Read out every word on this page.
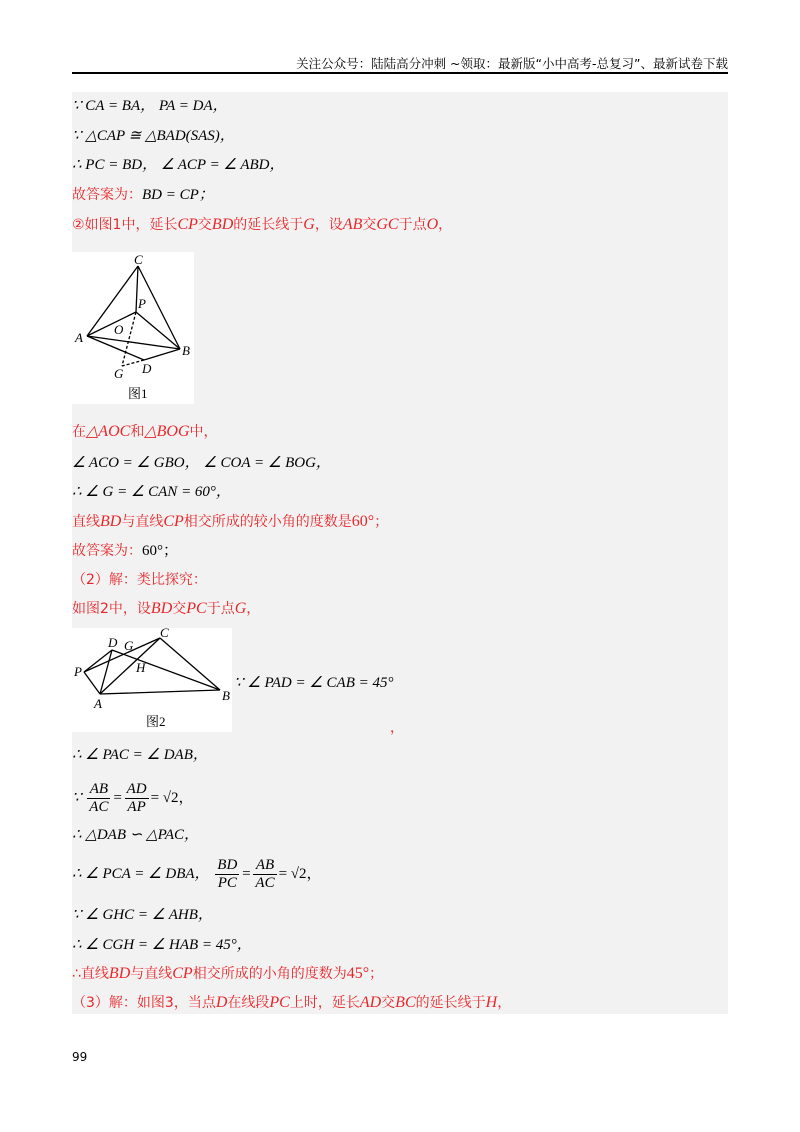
关注公众号：陆陆高分冲刺 ~领取：最新版“小中高考-总复习”、最新试卷下载
∵ CA = BA， PA = DA，
∵ △CAP ≅ △BAD(SAS)，
∴ PC = BD， ∠ ACP = ∠ ABD，
故答案为：BD = CP；
②如图1中，延长CP交BD的延长线于G，设AB交GC于点O，
C
P
O
A
B
G D
图1
在△AOC和△BOG中，
∠ ACO = ∠ GBO， ∠ COA = ∠ BOG，
∴ ∠ G = ∠ CAN = 60°，
直线BD与直线CP相交所成的较小角的度数是60°；
故答案为：60°；
（2）解：类比探究：
如图2中，设BD交PC于点G，
D G
C
P	H
A
B
图2
∵ ∠ PAD = ∠ CAB = 45°
，
∴ ∠ PAC = ∠ DAB，
∵ $\frac{AB}{AC} = \frac{AD}{AP} = √2$，
∴ △DAB ∽ △PAC，
∴ ∠ PCA = ∠ DBA， $\frac{BD}{PC} = \frac{AB}{AC} = √2$，
∵ ∠ GHC = ∠ AHB，
∴ ∠ CGH = ∠ HAB = 45°，
∴直线BD与直线CP相交所成的小角的度数为45°；
（3）解：如图3，当点D在线段PC上时，延长AD交BC的延长线于H，
99
